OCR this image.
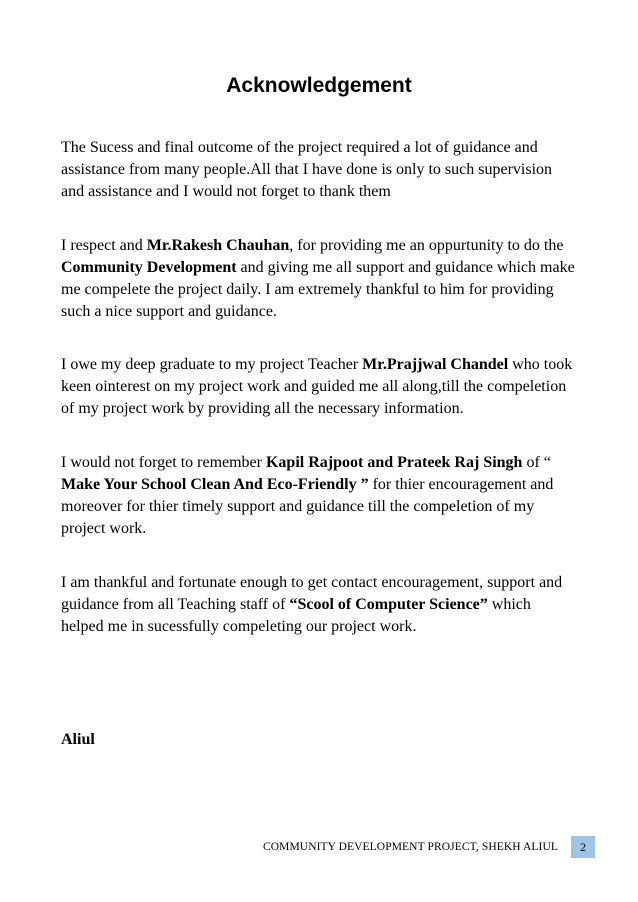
Acknowledgement
The Sucess and final outcome of the project required a lot of guidance and
assistance from many people.All that I have done is only to such supervision
and assistance and I would not forget to thank them
I respect and Mr.Rakesh Chauhan, for providing me an oppurtunity to do the
Community Development and giving me all support and guidance which make
me compelete the project daily. I am extremely thankful to him for providing
such a nice support and guidance.
I owe my deep graduate to my project Teacher Mr.Prajjwal Chandel who took
keen ointerest on my project work and guided me all along,till the compeletion
of my project work by providing all the necessary information.
I would not forget to remember Kapil Rajpoot and Prateek Raj Singh of “
Make Your School Clean And Eco-Friendly ” for thier encouragement and
moreover for thier timely support and guidance till the compeletion of my
project work.
I am thankful and fortunate enough to get contact encouragement, support and
guidance from all Teaching staff of “Scool of Computer Science” which
helped me in sucessfully compeleting our project work.
Aliul
COMMUNITY DEVELOPMENT PROJECT, SHEKH ALIUL	2
